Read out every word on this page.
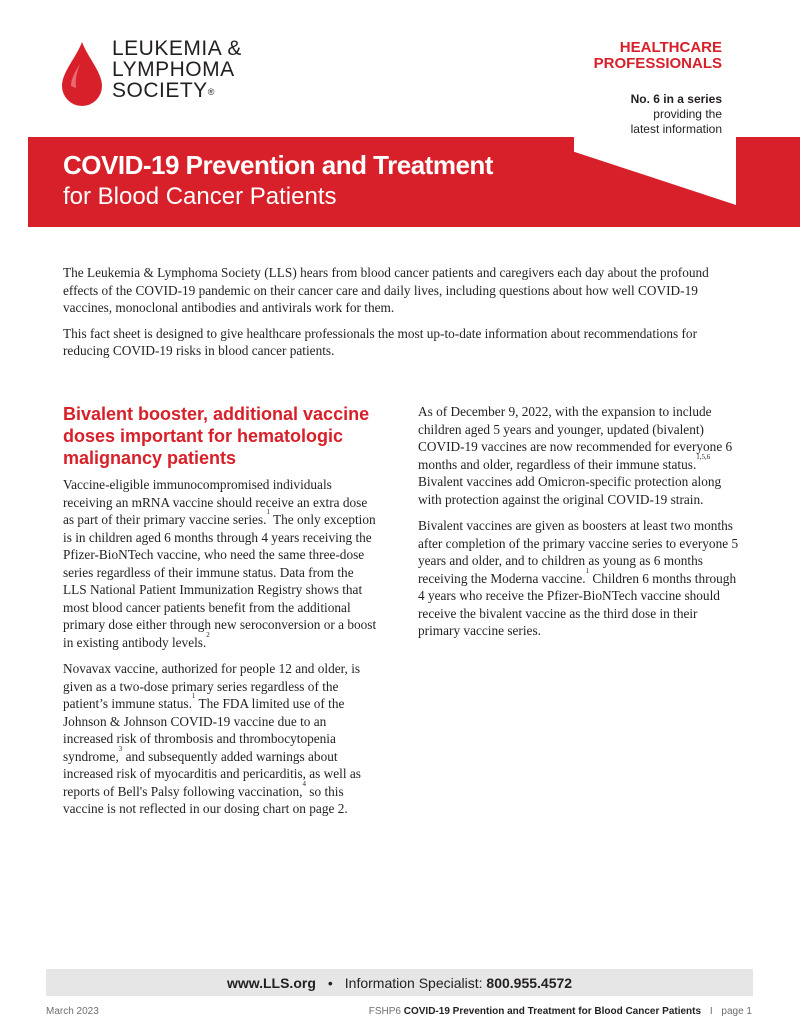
LEUKEMIA &
LYMPHOMA
SOCIETY®
HEALTHCARE
PROFESSIONALS
No. 6 in a series
providing the
latest information
COVID-19 Prevention and Treatment
for Blood Cancer Patients

The Leukemia & Lymphoma Society (LLS) hears from blood cancer patients and caregivers each day about the profound effects of the COVID-19 pandemic on their cancer care and daily lives, including questions about how well COVID-19 vaccines, monoclonal antibodies and antivirals work for them.

This fact sheet is designed to give healthcare professionals the most up-to-date information about recommendations for reducing COVID-19 risks in blood cancer patients.

Bivalent booster, additional vaccine doses important for hematologic malignancy patients

Vaccine-eligible immunocompromised individuals receiving an mRNA vaccine should receive an extra dose as part of their primary vaccine series.$^1$ The only exception is in children aged 6 months through 4 years receiving the Pfizer-BioNTech vaccine, who need the same three-dose series regardless of their immune status. Data from the LLS National Patient Immunization Registry shows that most blood cancer patients benefit from the additional primary dose either through new seroconversion or a boost in existing antibody levels.$^2$

Novavax vaccine, authorized for people 12 and older, is given as a two-dose primary series regardless of the patient’s immune status.$^1$ The FDA limited use of the Johnson & Johnson COVID-19 vaccine due to an increased risk of thrombosis and thrombocytopenia syndrome,$^3$ and subsequently added warnings about increased risk of myocarditis and pericarditis, as well as reports of Bell's Palsy following vaccination,$^4$ so this vaccine is not reflected in our dosing chart on page 2.

As of December 9, 2022, with the expansion to include children aged 5 years and younger, updated (bivalent) COVID-19 vaccines are now recommended for everyone 6 months and older, regardless of their immune status.$^{1,5,6}$ Bivalent vaccines add Omicron-specific protection along with protection against the original COVID-19 strain.

Bivalent vaccines are given as boosters at least two months after completion of the primary vaccine series to everyone 5 years and older, and to children as young as 6 months receiving the Moderna vaccine.$^1$ Children 6 months through 4 years who receive the Pfizer-BioNTech vaccine should receive the bivalent vaccine as the third dose in their primary vaccine series.

www.LLS.org • Information Specialist:
800.955.4572
March 2023	FSHP6 COVID-19 Prevention and Treatment for Blood Cancer Patients I page 1
